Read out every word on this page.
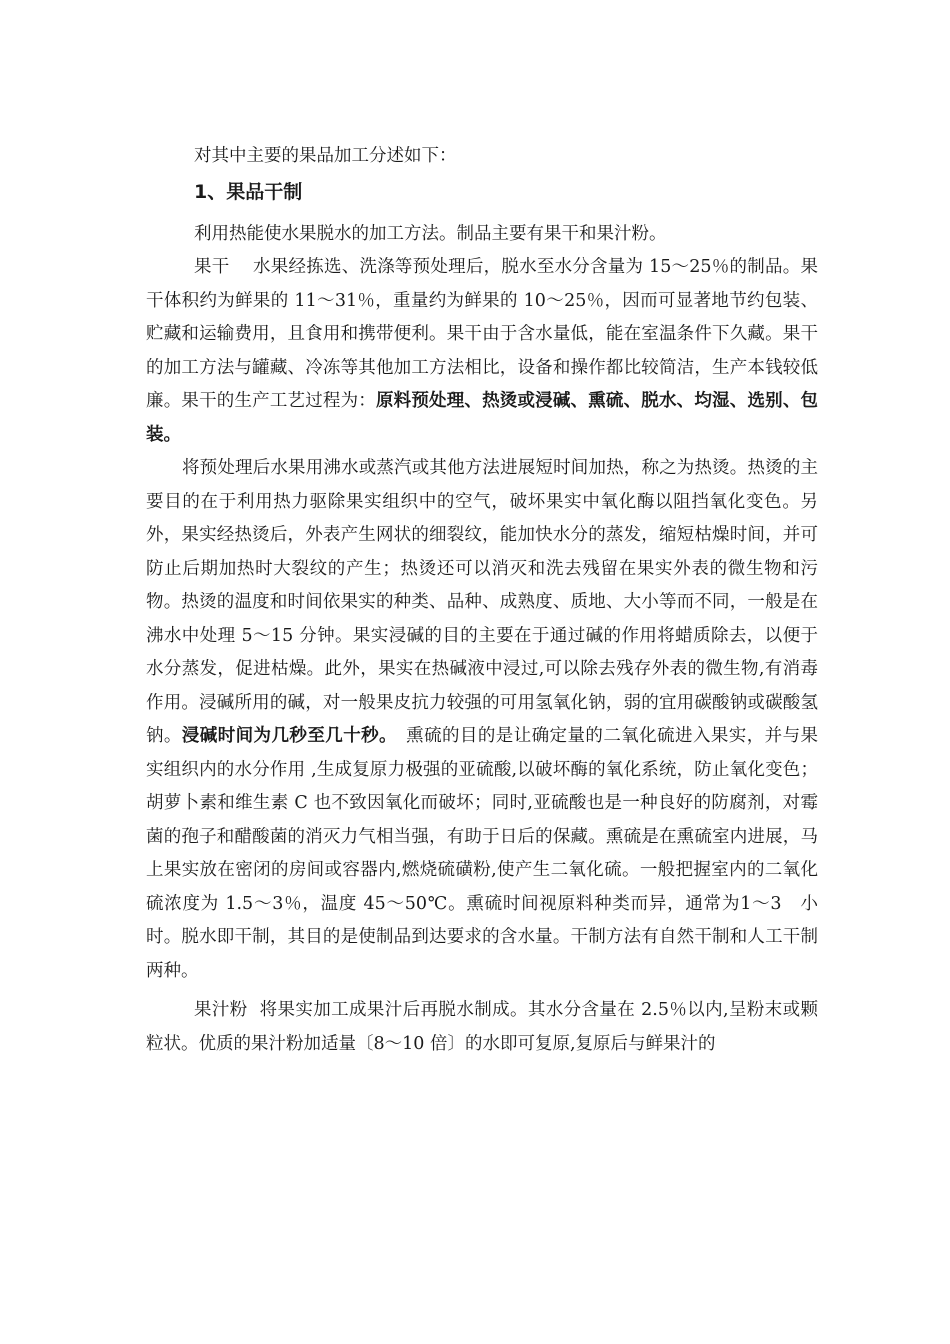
对其中主要的果品加工分述如下：

1、果品干制

利用热能使水果脱水的加工方法。制品主要有果干和果汁粉。

果干　 水果经拣选、洗涤等预处理后，脱水至水分含量为 15～25％的制品。果干体积约为鲜果的 11～31％，重量约为鲜果的 10～25％，因而可显著地节约包装、贮藏和运输费用，且食用和携带便利。果干由于含水量低，能在室温条件下久藏。果干的加工方法与罐藏、冷冻等其他加工方法相比，设备和操作都比较简洁，生产本钱较低廉。果干的生产工艺过程为：原料预处理、热烫或浸碱、熏硫、脱水、均湿、选别、包装。

将预处理后水果用沸水或蒸汽或其他方法进展短时间加热，称之为热烫。热烫的主要目的在于利用热力驱除果实组织中的空气，破坏果实中氧化酶以阻挡氧化变色。另外，果实经热烫后，外表产生网状的细裂纹，能加快水分的蒸发，缩短枯燥时间，并可防止后期加热时大裂纹的产生；热烫还可以消灭和洗去残留在果实外表的微生物和污物。热烫的温度和时间依果实的种类、品种、成熟度、质地、大小等而不同，一般是在沸水中处理 5～15 分钟。果实浸碱的目的主要在于通过碱的作用将蜡质除去，以便于水分蒸发，促进枯燥。此外，果实在热碱液中浸过,可以除去残存外表的微生物,有消毒作用。浸碱所用的碱，对一般果皮抗力较强的可用氢氧化钠，弱的宜用碳酸钠或碳酸氢钠。浸碱时间为几秒至几十秒。　熏硫的目的是让确定量的二氧化硫进入果实，并与果实组织内的水分作用 ,生成复原力极强的亚硫酸,以破坏酶的氧化系统，防止氧化变色；胡萝卜素和维生素 C 也不致因氧化而破坏；同时,亚硫酸也是一种良好的防腐剂，对霉菌的孢子和醋酸菌的消灭力气相当强，有助于日后的保藏。熏硫是在熏硫室内进展，马上果实放在密闭的房间或容器内,燃烧硫磺粉,使产生二氧化硫。一般把握室内的二氧化硫浓度为 1.5～3％，温度 45～50℃。熏硫时间视原料种类而异，通常为1～3　小时。脱水即干制，其目的是使制品到达要求的含水量。干制方法有自然干制和人工干制两种。

果汁粉 将果实加工成果汁后再脱水制成。其水分含量在 2.5％以内,呈粉末或颗粒状。优质的果汁粉加适量〔8～10 倍〕的水即可复原,复原后与鲜果汁的
